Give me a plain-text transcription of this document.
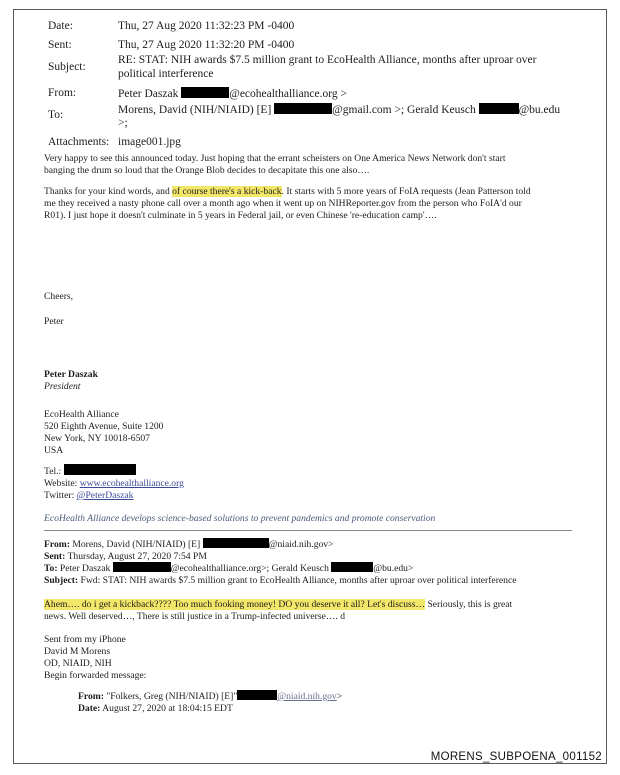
Date:	Thu, 27 Aug 2020 11:32:23 PM -0400
Sent:	Thu, 27 Aug 2020 11:32:20 PM -0400
Subject:
RE: STAT: NIH awards $7.5 million grant to EcoHealth Alliance, months after uproar over
political interference
From:	Peter Daszak	@ecohealthalliance.org >
To:	Morens, David (NIH/NIAID) [E]	@gmail.com >; Gerald Keusch	@bu.edu
>;
Attachments: image001.jpg
Very happy to see this announced today. Just hoping that the errant scheisters on One America News Network don't start
banging the drum so loud that the Orange Blob decides to decapitate this one also….
Thanks for your kind words, and of course there's a kick-back. It starts with 5 more years of FoIA requests (Jean Patterson told
me they received a nasty phone call over a month ago when it went up on NIHReporter.gov from the person who FoIA'd our
R01). I just hope it doesn't culminate in 5 years in Federal jail, or even Chinese 're-education camp'….
Cheers,
Peter
Peter Daszak
President
EcoHealth Alliance
520 Eighth Avenue, Suite 1200
New York, NY 10018-6507
USA
Tel.:
Website: www.ecohealthalliance.org
Twitter: @PeterDaszak
EcoHealth Alliance develops science-based solutions to prevent pandemics and promote conservation
From: Morens, David (NIH/NIAID) [E]	@niaid.nih.gov>
Sent: Thursday, August 27, 2020 7:54 PM
To: Peter Daszak	@ecohealthalliance.org>; Gerald Keusch	@bu.edu>
Subject: Fwd: STAT: NIH awards $7.5 million grant to EcoHealth Alliance, months after uproar over political interference
Ahem…. do i get a kickback???? Too much fooking money! DO you deserve it all? Let's discuss… Seriously, this is great
news. Well deserved…, There is still justice in a Trump-infected universe…. d
Sent from my iPhone
David M Morens
OD, NIAID, NIH
Begin forwarded message:
From: "Folkers, Greg (NIH/NIAID) [E]"	@niaid.nih.gov>
Date: August 27, 2020 at 18:04:15 EDT
MORENS_SUBPOENA_001152
